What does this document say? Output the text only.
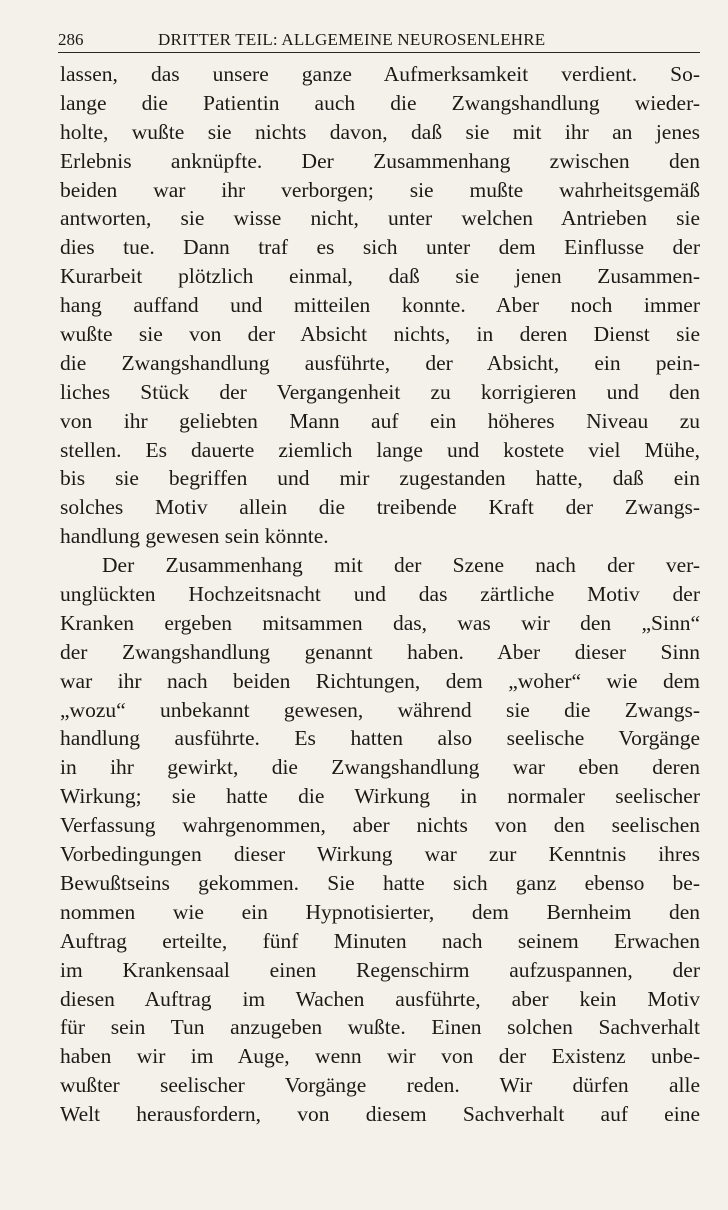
286	DRITTER TEIL: ALLGEMEINE NEUROSENLEHRE
lassen, das unsere ganze Aufmerksamkeit verdient. So-
lange die Patientin auch die Zwangshandlung wieder-
holte, wußte sie nichts davon, daß sie mit ihr an jenes
Erlebnis anknüpfte. Der Zusammenhang zwischen den
beiden war ihr verborgen; sie mußte wahrheitsgemäß
antworten, sie wisse nicht, unter welchen Antrieben sie
dies tue. Dann traf es sich unter dem Einflusse der
Kurarbeit plötzlich einmal, daß sie jenen Zusammen-
hang auffand und mitteilen konnte. Aber noch immer
wußte sie von der Absicht nichts, in deren Dienst sie
die Zwangshandlung ausführte, der Absicht, ein pein-
liches Stück der Vergangenheit zu korrigieren und den
von ihr geliebten Mann auf ein höheres Niveau zu
stellen. Es dauerte ziemlich lange und kostete viel Mühe,
bis sie begriffen und mir zugestanden hatte, daß ein
solches Motiv allein die treibende Kraft der Zwangs-
handlung gewesen sein könnte.
Der Zusammenhang mit der Szene nach der ver-
unglückten Hochzeitsnacht und das zärtliche Motiv der
Kranken ergeben mitsammen das, was wir den „Sinn“
der Zwangshandlung genannt haben. Aber dieser Sinn
war ihr nach beiden Richtungen, dem „woher“ wie dem
„wozu“ unbekannt gewesen, während sie die Zwangs-
handlung ausführte. Es hatten also seelische Vorgänge
in ihr gewirkt, die Zwangshandlung war eben deren
Wirkung; sie hatte die Wirkung in normaler seelischer
Verfassung wahrgenommen, aber nichts von den seelischen
Vorbedingungen dieser Wirkung war zur Kenntnis ihres
Bewußtseins gekommen. Sie hatte sich ganz ebenso be-
nommen wie ein Hypnotisierter, dem Bernheim den
Auftrag erteilte, fünf Minuten nach seinem Erwachen
im Krankensaal einen Regenschirm aufzuspannen, der
diesen Auftrag im Wachen ausführte, aber kein Motiv
für sein Tun anzugeben wußte. Einen solchen Sachverhalt
haben wir im Auge, wenn wir von der Existenz unbe-
wußter seelischer Vorgänge reden. Wir dürfen alle
Welt herausfordern, von diesem Sachverhalt auf eine
